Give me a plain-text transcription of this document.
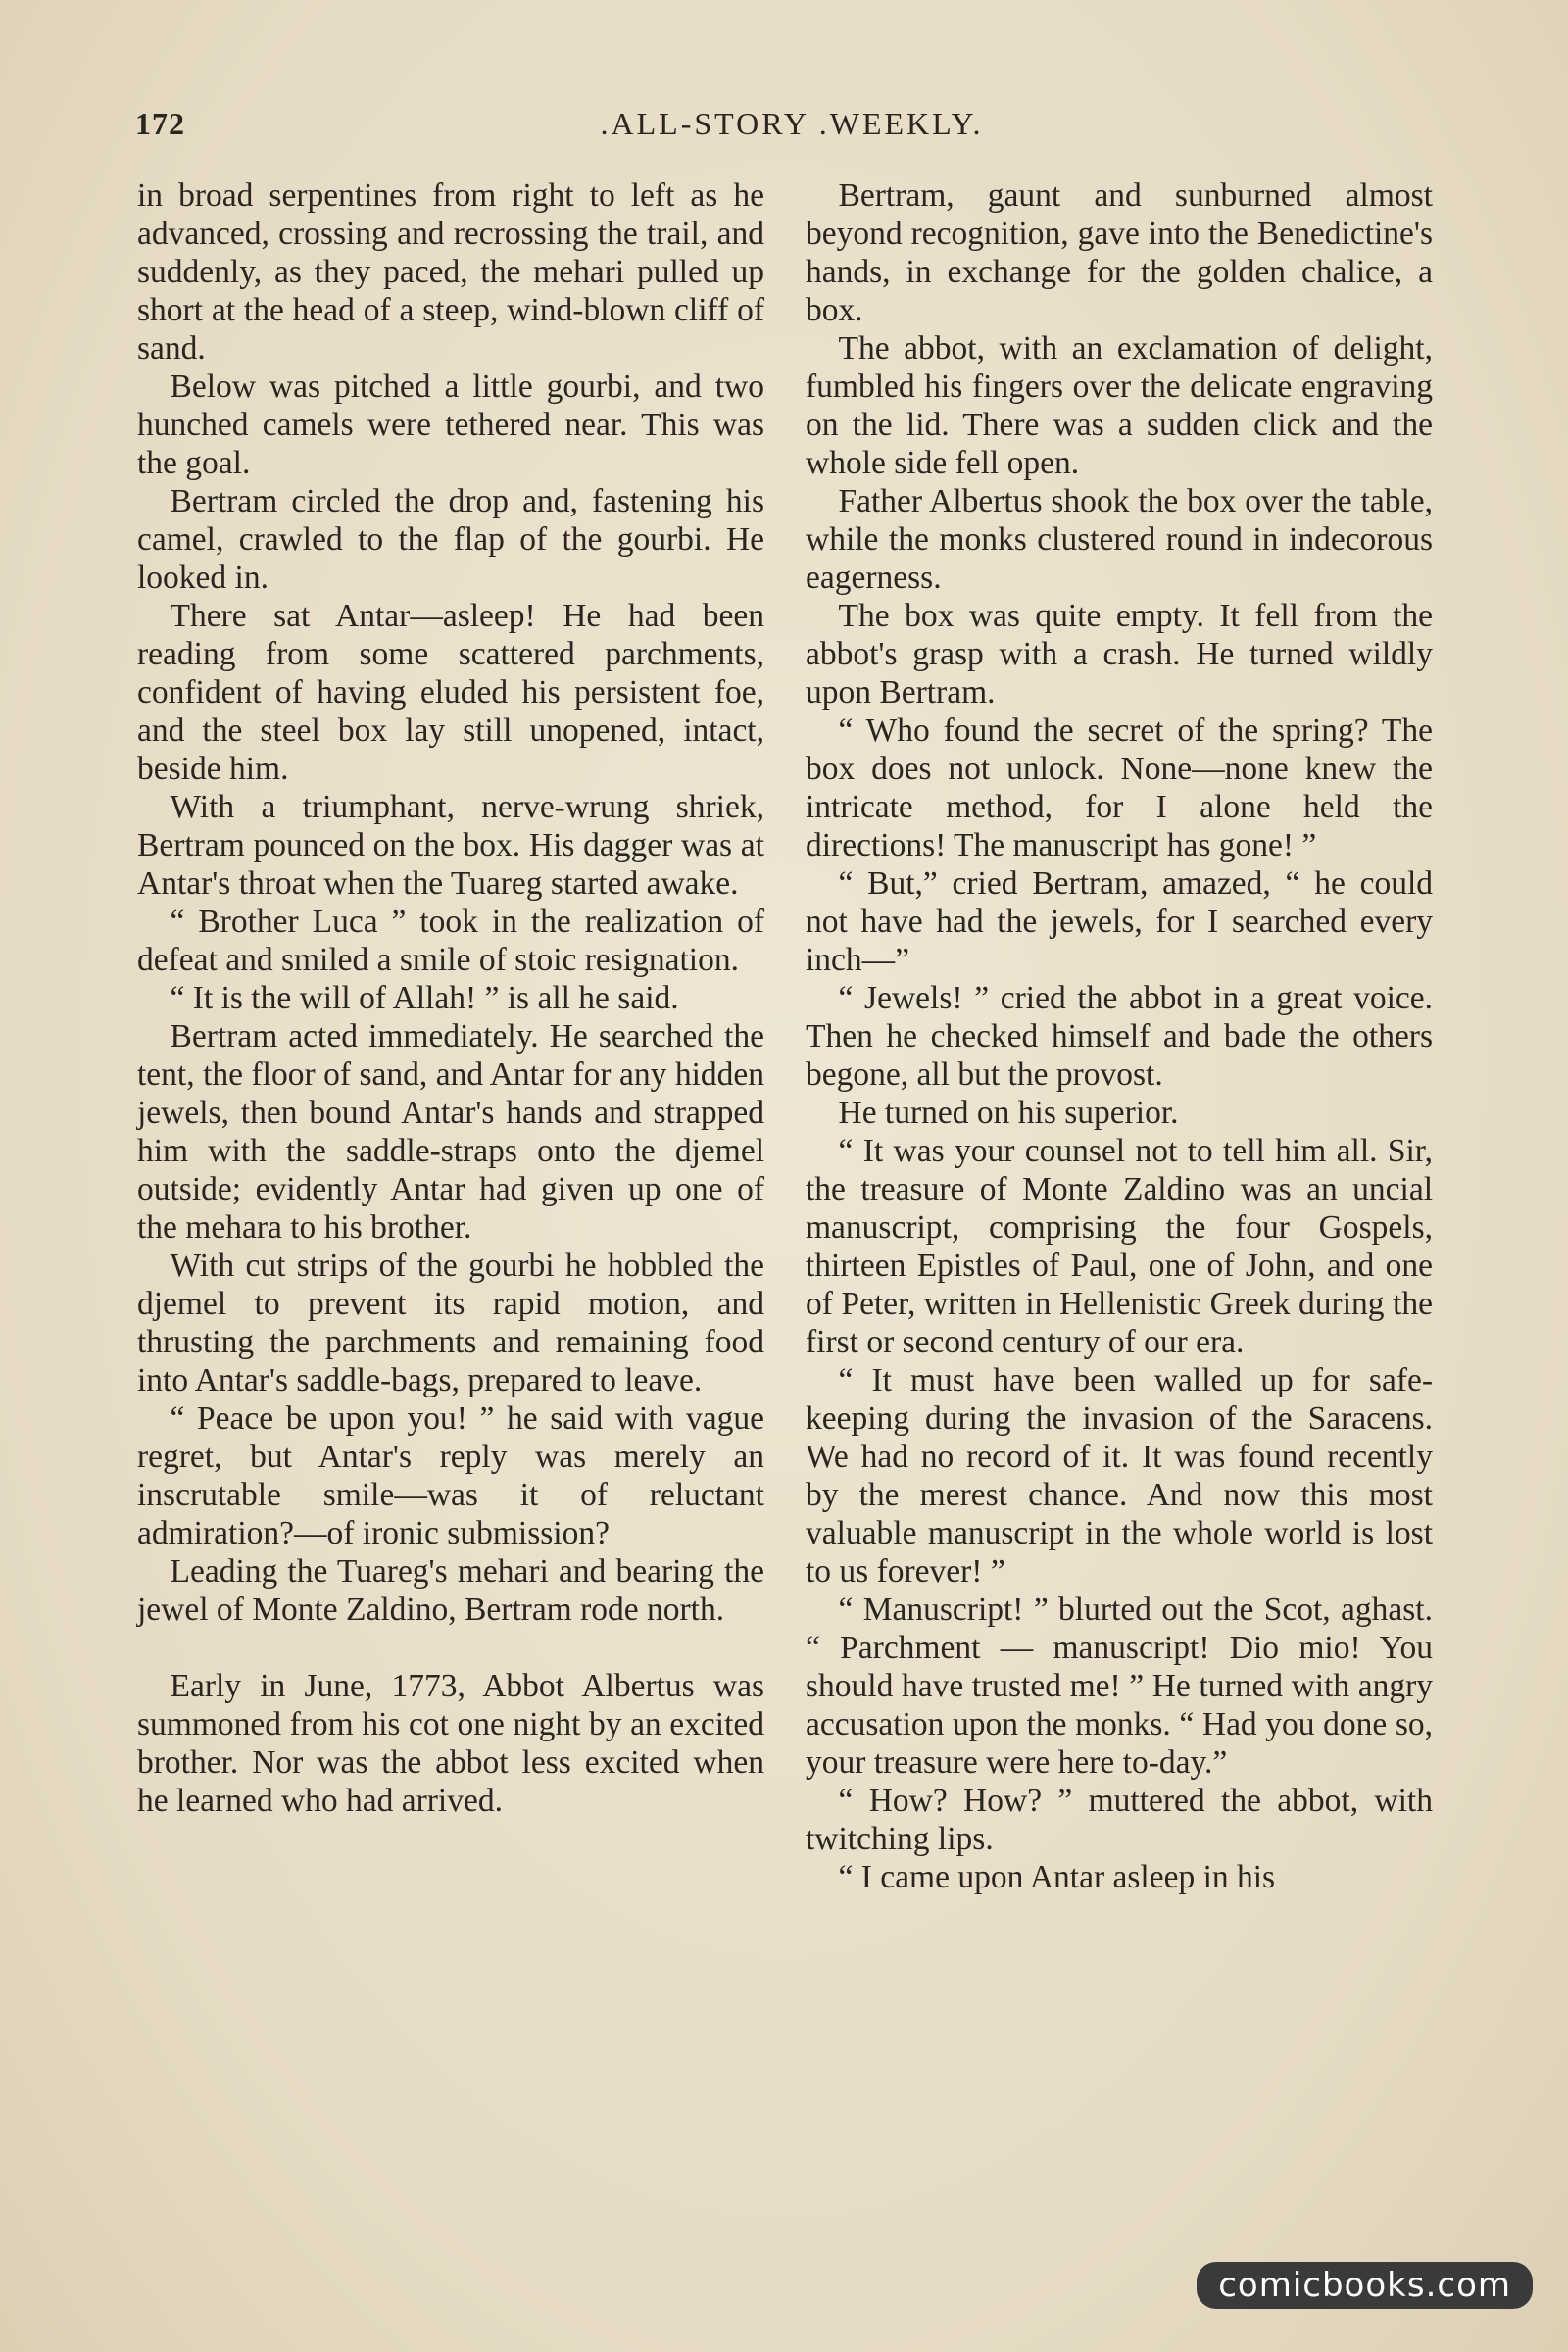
172	.ALL-STORY .WEEKLY.

in broad serpentines from right to left as he advanced, crossing and recrossing the trail, and suddenly, as they paced, the mehari pulled up short at the head of a steep, wind-blown cliff of sand.

Below was pitched a little gourbi, and two hunched camels were tethered near. This was the goal.

Bertram circled the drop and, fastening his camel, crawled to the flap of the gourbi. He looked in.

There sat Antar—asleep! He had been reading from some scattered parchments, confident of having eluded his persistent foe, and the steel box lay still unopened, intact, beside him.

With a triumphant, nerve-wrung shriek, Bertram pounced on the box. His dagger was at Antar's throat when the Tuareg started awake.

“ Brother Luca ” took in the realization of defeat and smiled a smile of stoic resignation.

“ It is the will of Allah! ” is all he said.

Bertram acted immediately. He searched the tent, the floor of sand, and Antar for any hidden jewels, then bound Antar's hands and strapped him with the saddle-straps onto the djemel outside; evidently Antar had given up one of the mehara to his brother.

With cut strips of the gourbi he hobbled the djemel to prevent its rapid motion, and thrusting the parchments and remaining food into Antar's saddle-bags, prepared to leave.

“ Peace be upon you! ” he said with vague regret, but Antar's reply was merely an inscrutable smile—was it of reluctant admiration?—of ironic submission?

Leading the Tuareg's mehari and bearing the jewel of Monte Zaldino, Bertram rode north.

Early in June, 1773, Abbot Albertus was summoned from his cot one night by an excited brother. Nor was the abbot less excited when he learned who had arrived.

Bertram, gaunt and sunburned almost beyond recognition, gave into the Benedictine's hands, in exchange for the golden chalice, a box.

The abbot, with an exclamation of delight, fumbled his fingers over the delicate engraving on the lid. There was a sudden click and the whole side fell open.

Father Albertus shook the box over the table, while the monks clustered round in indecorous eagerness.

The box was quite empty. It fell from the abbot's grasp with a crash. He turned wildly upon Bertram.

“ Who found the secret of the spring? The box does not unlock. None—none knew the intricate method, for I alone held the directions! The manuscript has gone! ”

“ But,” cried Bertram, amazed, “ he could not have had the jewels, for I searched every inch—”

“ Jewels! ” cried the abbot in a great voice. Then he checked himself and bade the others begone, all but the provost.

He turned on his superior.

“ It was your counsel not to tell him all. Sir, the treasure of Monte Zaldino was an uncial manuscript, comprising the four Gospels, thirteen Epistles of Paul, one of John, and one of Peter, written in Hellenistic Greek during the first or second century of our era.

“ It must have been walled up for safe-keeping during the invasion of the Saracens. We had no record of it. It was found recently by the merest chance. And now this most valuable manuscript in the whole world is lost to us forever! ”

“ Manuscript! ” blurted out the Scot, aghast. “ Parchment — manuscript! Dio mio! You should have trusted me! ” He turned with angry accusation upon the monks. “ Had you done so, your treasure were here to-day.”

“ How? How? ” muttered the abbot, with twitching lips.

“ I came upon Antar asleep in his

comicbooks.com
